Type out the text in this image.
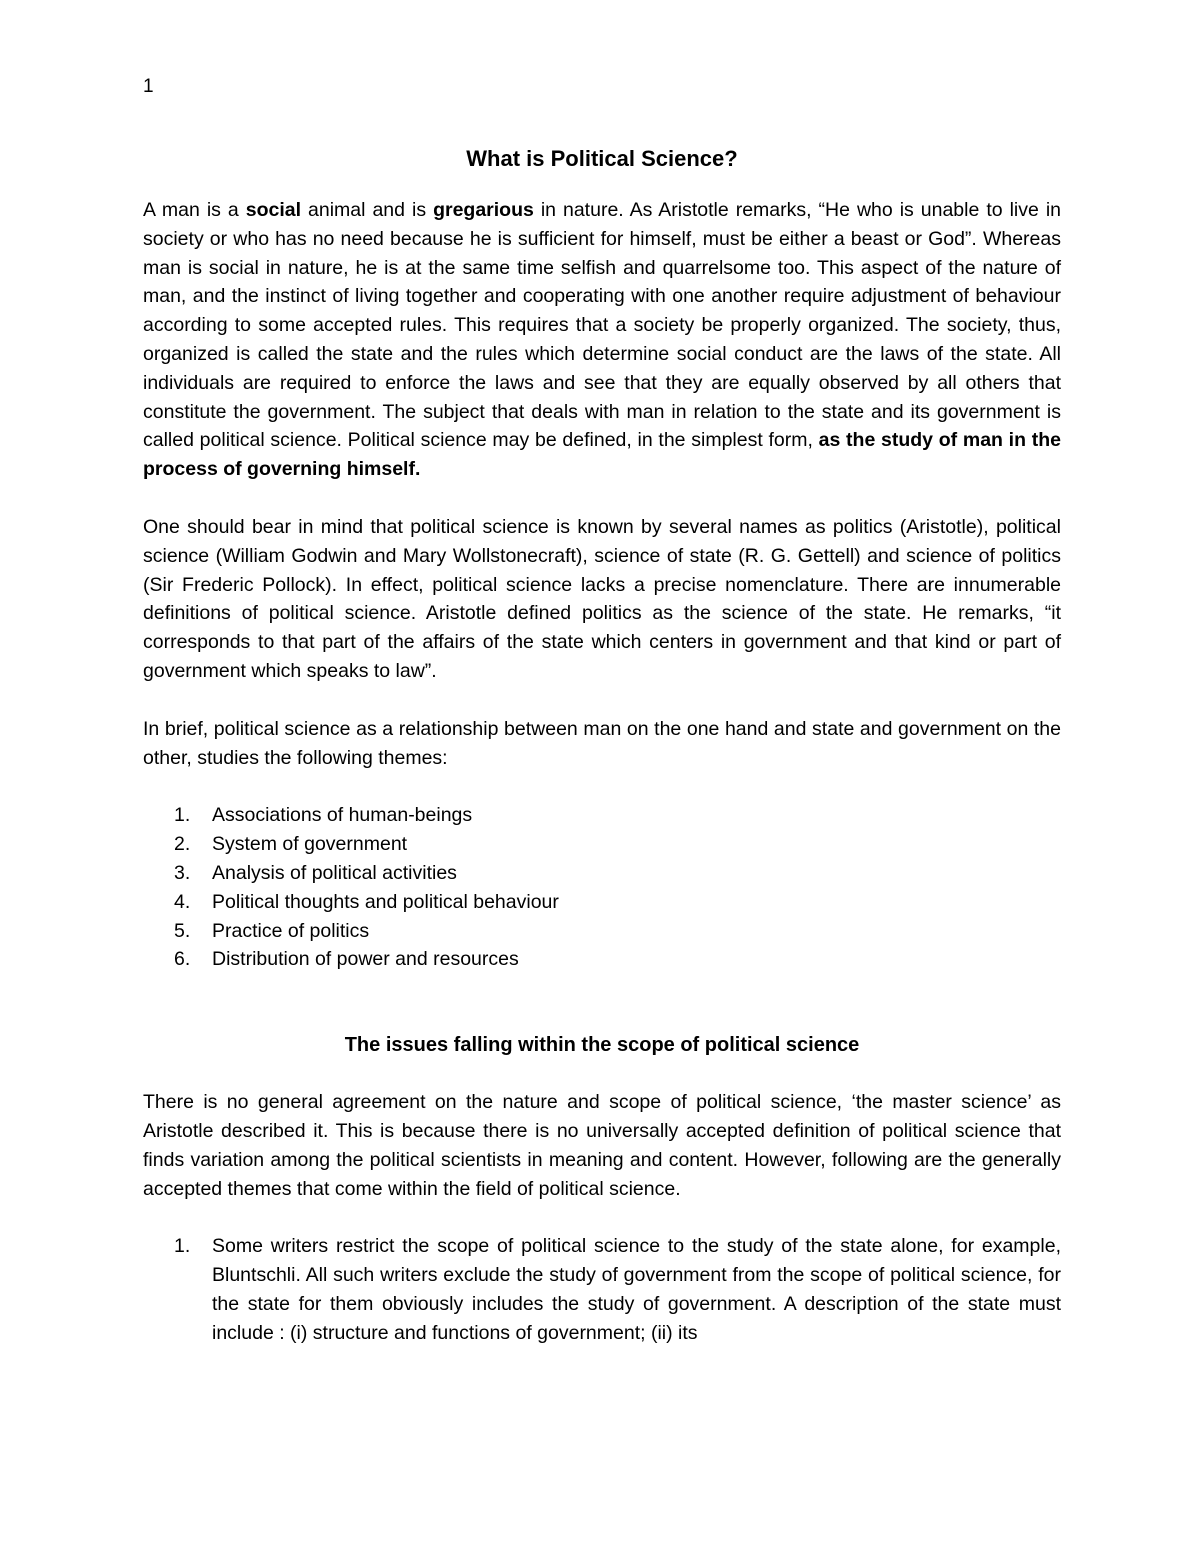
1
What is Political Science?

A man is a social animal and is gregarious in nature. As Aristotle remarks, “He who is unable to live in society or who has no need because he is sufficient for himself, must be either a beast or God”. Whereas man is social in nature, he is at the same time selfish and quarrelsome too. This aspect of the nature of man, and the instinct of living together and cooperating with one another require adjustment of behaviour according to some accepted rules. This requires that a society be properly organized. The society, thus, organized is called the state and the rules which determine social conduct are the laws of the state. All individuals are required to enforce the laws and see that they are equally observed by all others that constitute the government. The subject that deals with man in relation to the state and its government is called political science. Political science may be defined, in the simplest form, as the study of man in the process of governing himself.

One should bear in mind that political science is known by several names as politics (Aristotle), political science (William Godwin and Mary Wollstonecraft), science of state (R. G. Gettell) and science of politics (Sir Frederic Pollock). In effect, political science lacks a precise nomenclature. There are innumerable definitions of political science. Aristotle defined politics as the science of the state. He remarks, “it corresponds to that part of the affairs of the state which centers in government and that kind or part of government which speaks to law”.

In brief, political science as a relationship between man on the one hand and state and government on the other, studies the following themes:

1.	Associations of human-beings
2.	System of government
3.	Analysis of political activities
4.	Political thoughts and political behaviour
5.	Practice of politics
6.	Distribution of power and resources
The issues falling within the scope of political science

There is no general agreement on the nature and scope of political science, ‘the master science’ as Aristotle described it. This is because there is no universally accepted definition of political science that finds variation among the political scientists in meaning and content. However, following are the generally accepted themes that come within the field of political science.

1.	Some writers restrict the scope of political science to the study of the state alone, for example, Bluntschli. All such writers exclude the study of government from the scope of political science, for the state for them obviously includes the study of government. A description of the state must include : (i) structure and functions of government; (ii) its
